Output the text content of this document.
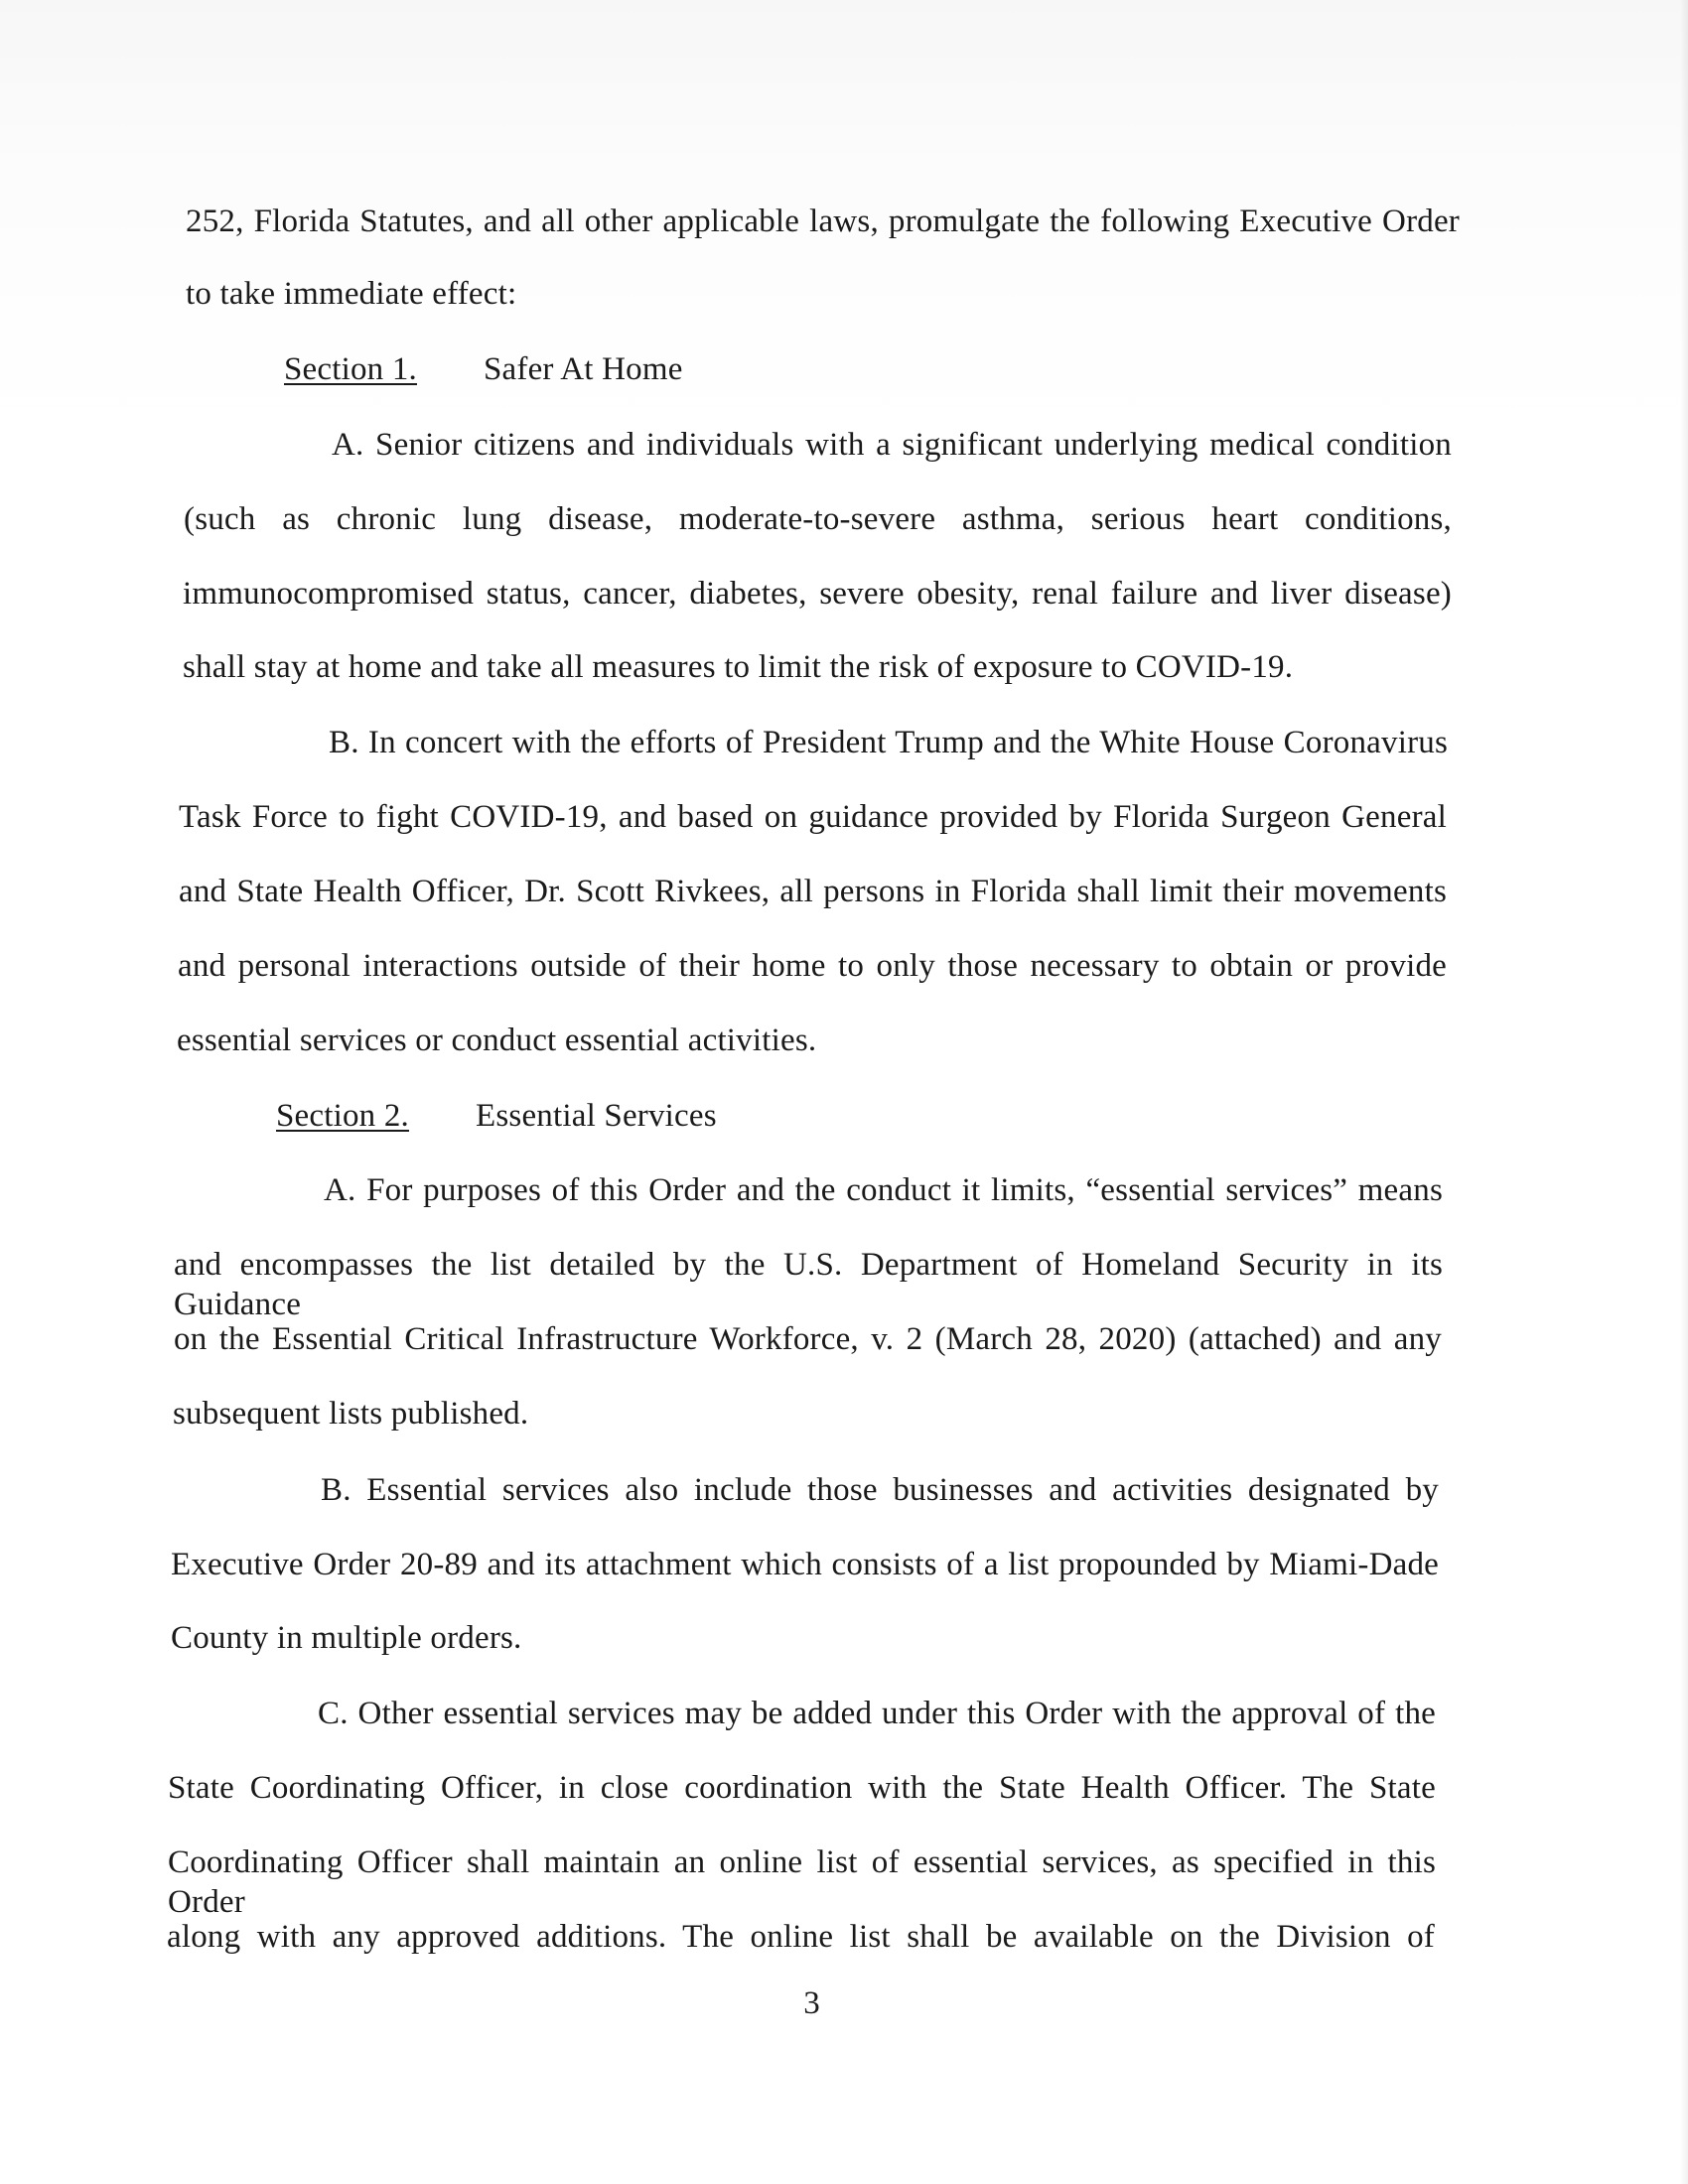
252, Florida Statutes, and all other applicable laws, promulgate the following Executive Order
to take immediate effect:
Section 1. Safer At Home
A. Senior citizens and individuals with a significant underlying medical condition
(such as chronic lung disease, moderate-to-severe asthma, serious heart conditions,
immunocompromised status, cancer, diabetes, severe obesity, renal failure and liver disease)
shall stay at home and take all measures to limit the risk of exposure to COVID-19.
B. In concert with the efforts of President Trump and the White House Coronavirus
Task Force to fight COVID-19, and based on guidance provided by Florida Surgeon General
and State Health Officer, Dr. Scott Rivkees, all persons in Florida shall limit their movements
and personal interactions outside of their home to only those necessary to obtain or provide
essential services or conduct essential activities.
Section 2. Essential Services
A. For purposes of this Order and the conduct it limits, “essential services” means
and encompasses the list detailed by the U.S. Department of Homeland Security in its Guidance
on the Essential Critical Infrastructure Workforce, v. 2 (March 28, 2020) (attached) and any
subsequent lists published.
B. Essential services also include those businesses and activities designated by
Executive Order 20-89 and its attachment which consists of a list propounded by Miami-Dade
County in multiple orders.
C. Other essential services may be added under this Order with the approval of the
State Coordinating Officer, in close coordination with the State Health Officer. The State
Coordinating Officer shall maintain an online list of essential services, as specified in this Order
along with any approved additions. The online list shall be available on the Division of
3
